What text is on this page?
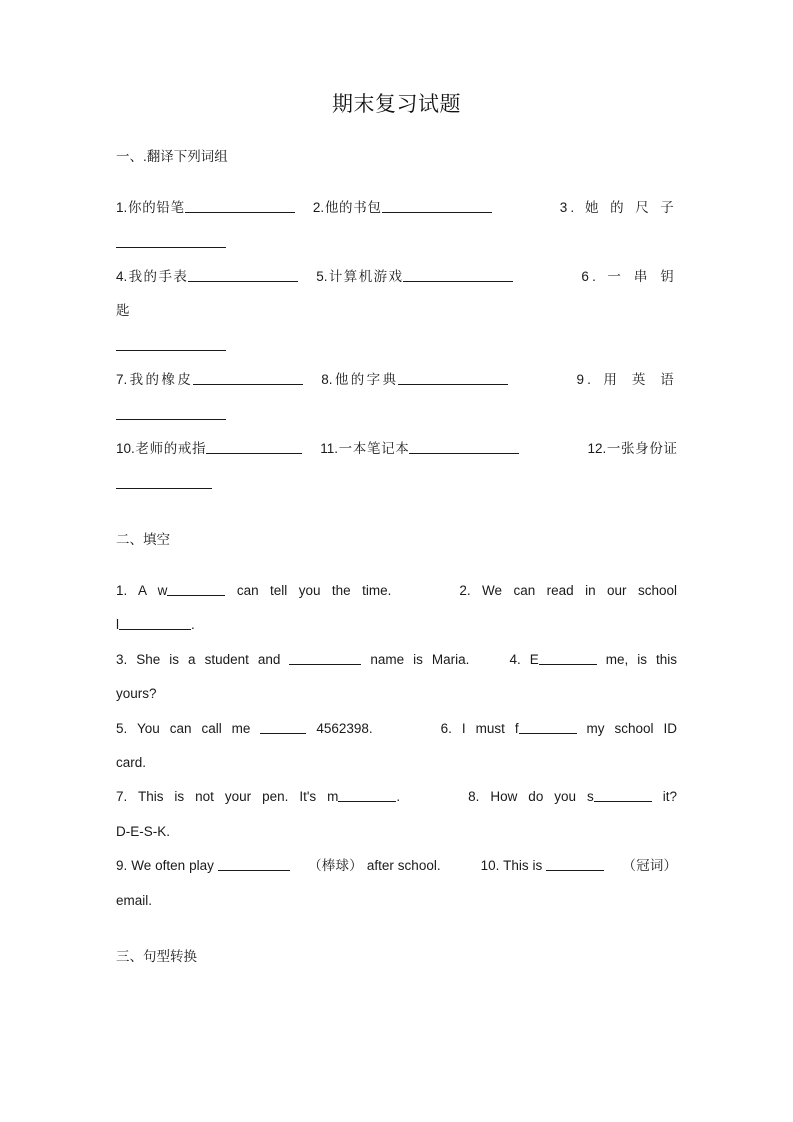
期末复习试题

一、.翻译下列词组

1.你的铅笔	2.他的书包	3. 她 的 尺 子

4.我的手表	5.计算机游戏	6. 一 串 钥 匙

7.我的橡皮	8.他的字典	9. 用 英 语

10.老师的戒指	11.一本笔记本	12.一张身份证

二、填空

1. A w	can tell you the time.	2. We can read in our school

l	.

3. She is a student and	name is Maria.	4. E	me, is this

yours?

5. You can call me	4562398.	6. I must f	my school ID

card.

7. This is not your pen. It's m	.	8. How do you s	it?

D-E-S-K.

9. We often play	（棒球） after school.	10. This is	（冠词）

email.

三、句型转换
